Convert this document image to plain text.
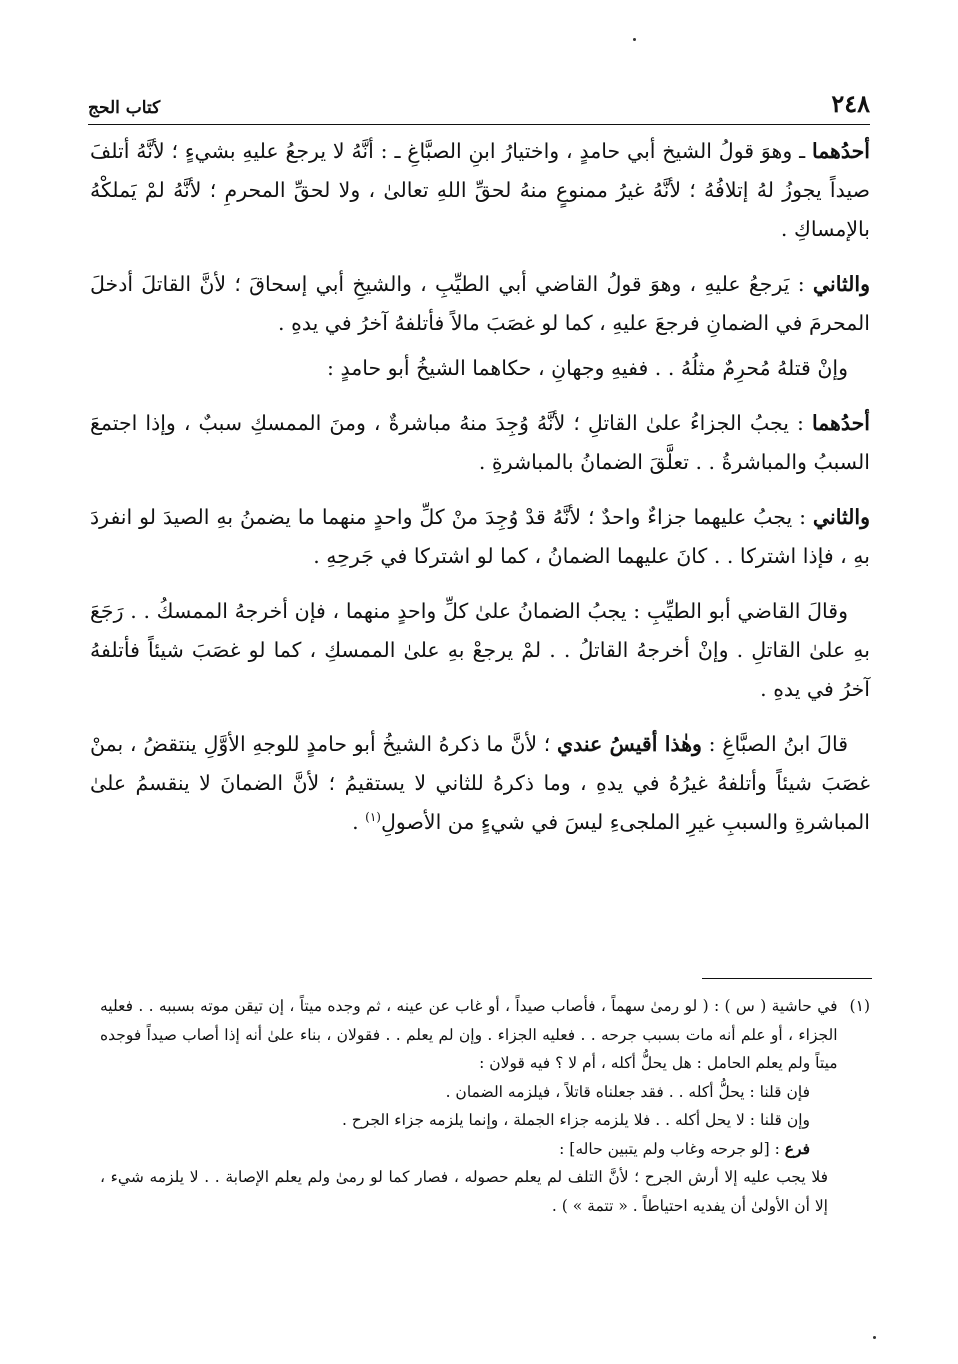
كتاب الحج	٢٤٨

أحدُهما ـ وهوَ قولُ الشيخ أبي حامدٍ ، واختيارُ ابنِ الصبَّاغِ ـ : أنَّهُ لا يرجعُ عليهِ بشيءٍ ؛ لأنَّهُ أتلفَ صيداً يجوزُ لهُ إتلافُهُ ؛ لأنَّهُ غيرُ ممنوعٍ منهُ لحقِّ اللهِ تعالىٰ ، ولا لحقِّ المحرمِ ؛ لأنَّهُ لمْ يَملكْهُ بالإمساكِ .

والثاني : يَرجعُ عليهِ ، وهوَ قولُ القاضي أبي الطيِّبِ ، والشيخِ أبي إسحاقَ ؛ لأنَّ القاتلَ أدخلَ المحرمَ في الضمانِ فرجعَ عليهِ ، كما لو غصَبَ مالاً فأتلفهُ آخرُ في يدهِ .

وإنْ قتلهُ مُحرِمٌ مثلُهُ . . ففيهِ وجهانِ ، حكاهما الشيخُ أبو حامدٍ :

أحدُهما : يجبُ الجزاءُ علىٰ القاتلِ ؛ لأنَّهُ وُجِدَ منهُ مباشرةٌ ، ومنَ الممسكِ سببٌ ، وإذا اجتمعَ السببُ والمباشرةُ . . تعلَّقَ الضمانُ بالمباشرةِ .

والثاني : يجبُ عليهما جزاءٌ واحدٌ ؛ لأنَّهُ قدْ وُجِدَ منْ كلِّ واحدٍ منهما ما يضمنُ بهِ الصيدَ لو انفردَ بهِ ، فإذا اشتركا . . كانَ عليهما الضمانُ ، كما لو اشتركا في جَرحِهِ .

وقالَ القاضي أبو الطيِّبِ : يجبُ الضمانُ علىٰ كلِّ واحدٍ منهما ، فإن أخرجهُ الممسكُ . . رَجَعَ بهِ علىٰ القاتلِ . وإنْ أخرجهُ القاتلُ . . لمْ يرجعْ بهِ علىٰ الممسكِ ، كما لو غصَبَ شيئاً فأتلفهُ آخرُ في يدهِ .

قالَ ابنُ الصبَّاغِ : وهٰذا أقيسُ عندي ؛ لأنَّ ما ذكرهُ الشيخُ أبو حامدٍ للوجهِ الأوَّلِ ينتقضُ ، بمنْ غصَبَ شيئاً وأتلفهُ غيرُهُ في يدهِ ، وما ذكرهُ للثاني لا يستقيمُ ؛ لأنَّ الضمانَ لا ينقسمُ علىٰ المباشرةِ والسببِ غيرِ الملجىءِ ليسَ في شيءٍ من الأصولِ$^{(١)}$ .

(١)
في حاشية ( س ) : ( لو رمىٰ سهماً ، فأصاب صيداً ، أو غاب عن عينه ، ثم وجده ميتاً ، إن تيقن موته بسببه . . فعليه الجزاء ، أو علم أنه مات بسبب جرحه . . فعليه الجزاء . وإن لم يعلم . . فقولان ، بناء علىٰ أنه إذا أصاب صيداً فوجده ميتاً ولم يعلم الحامل : هل يحلُّ أكله ، أم لا ؟ فيه قولان :
فإن قلنا : يحلُّ أكله . . فقد جعلناه قاتلاً ، فيلزمه الضمان .
وإن قلنا : لا يحل أكله . . فلا يلزمه جزاء الجملة ، وإنما يلزمه جزاء الجرح .
فرع : [لو جرحه وغاب ولم يتبين حاله] :
فلا يجب عليه إلا أرش الجرح ؛ لأنَّ التلف لم يعلم حصوله ، فصار كما لو رمىٰ ولم يعلم الإصابة . . لا يلزمه شيء ، إلا أن الأولىٰ أن يفديه احتياطاً . « تتمة » ) .
